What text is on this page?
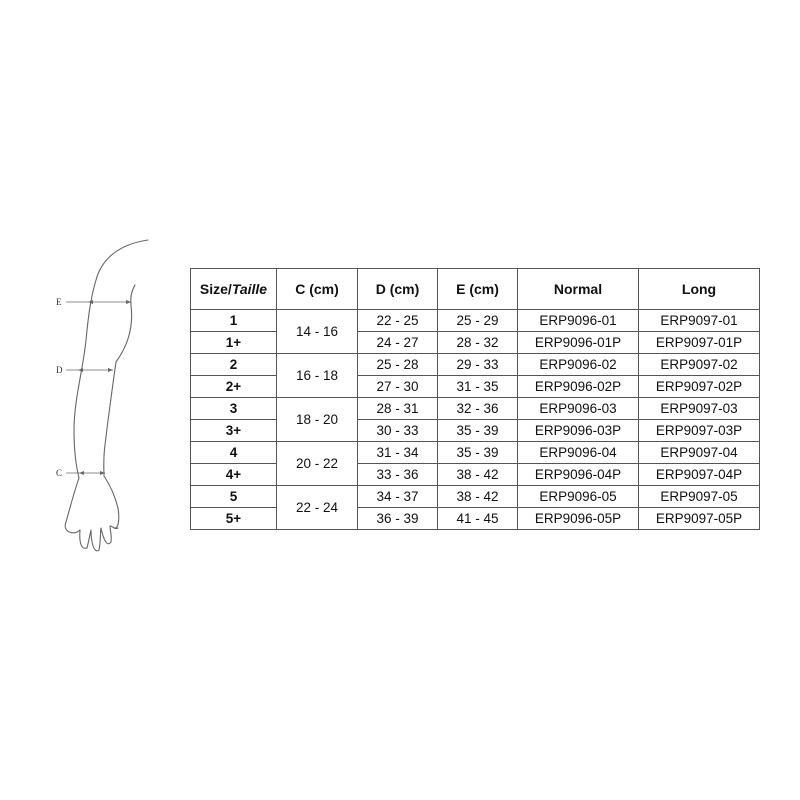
E
D
C
Size/Taille	C (cm)	D (cm)	E (cm)	Normal	Long
1	14 - 16	22 - 25	25 - 29	ERP9096-01	ERP9097-01
1+		24 - 27	28 - 32	ERP9096-01P	ERP9097-01P
2	16 - 18	25 - 28	29 - 33	ERP9096-02	ERP9097-02
2+		27 - 30	31 - 35	ERP9096-02P	ERP9097-02P
3	18 - 20	28 - 31	32 - 36	ERP9096-03	ERP9097-03
3+		30 - 33	35 - 39	ERP9096-03P	ERP9097-03P
4	20 - 22	31 - 34	35 - 39	ERP9096-04	ERP9097-04
4+		33 - 36	38 - 42	ERP9096-04P	ERP9097-04P
5	22 - 24	34 - 37	38 - 42	ERP9096-05	ERP9097-05
5+		36 - 39	41 - 45	ERP9096-05P	ERP9097-05P
